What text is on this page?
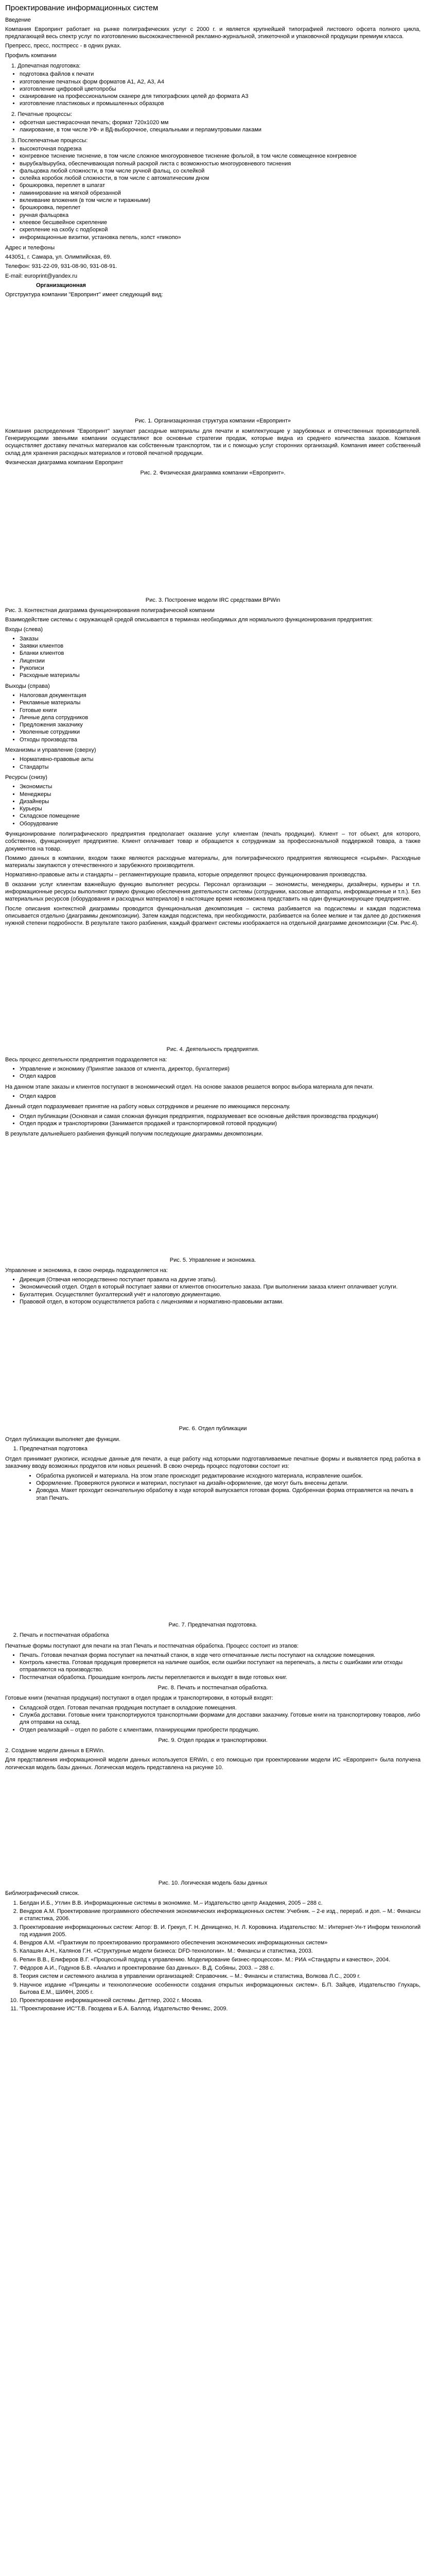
Проектирование информационных систем

Введение

Компания Европринт работает на рынке полиграфических услуг с 2000 г. и является крупнейшей типографией листового офсета полного цикла, предлагающей весь спектр услуг по изготовлению высококачественной рекламно-журнальной, этикеточной и упаковочной продукции премиум класса.

Препресс, пресс, постпресс - в одних руках.

Профиль компании

1. Допечатная подготовка:
• подготовка файлов к печати
• изготовление печатных форм форматов А1, А2, А3, А4
• изготовление цифровой цветопробы
• сканирование на профессиональном сканере для типографских целей до формата А3
• изготовление пластиковых и промышленных образцов
2. Печатные процессы:
• офсетная шестикрасочная печать; формат 720x1020 мм
• лакирование, в том числе УФ- и ВД-выборочное, специальными и перламутровыми лаками
3. Послепечатные процессы:
• высокоточная подрезка
• конгревное тиснение тиснение, в том числе сложное многоуровневое тиснение фольгой, в том числе совмещенное конгревное
• вырубка/вырубка, обеспечивающая полный раскрой листа с возможностью многоуровневого тиснения
• фальцовка любой сложности, в том числе ручной фальц, со склейкой
• склейка коробок любой сложности, в том числе с автоматическим дном
• брошюровка, переплет в шпагат
• ламинирование на мягкой обрезанной
• вклеивание вложения (в том числе и тиражными)
• брошюровка, переплет
• ручная фальцовка
• клеевое бесшвейное скрепление
• скрепление на скобу с подборкой
• информационные визитки, установка петель, холст «пикопо»

Адрес и телефоны

443051, г. Самара, ул. Олимпийская, 69.

Телефон: 931-22-09, 931-08-90, 931-08-91.

E-mail: europrint@yandex.ru

Организационная

Оргструктура компании "Европринт" имеет следующий вид:

Рис. 1. Организационная структура компании «Европринт»

Компания распределения "Европринт" закупает расходные материалы для печати и комплектующие у зарубежных и отечественных производителей. Генерирующими звеньями компании осуществляют все основные стратегии продаж, которые видна из среднего количества заказов. Компания осуществляет доставку печатных материалов как собственным транспортом, так и с помощью услуг сторонних организаций. Компания имеет собственный склад для хранения расходных материалов и готовой печатной продукции.

Физическая диаграмма компании Европринт

Рис. 2. Физическая диаграмма компании «Европринт».

Рис. 3. Построение модели IRC средствами BPWin

Рис. 3. Контекстная диаграмма функционирования полиграфической компании

Взаимодействие системы с окружающей средой описывается в терминах необходимых для нормального функционирования предприятия:

Входы (слева)

• Заказы
• Заявки клиентов
• Бланки клиентов
• Лицензии
• Рукописи
• Расходные материалы

Выходы (справа)

• Налоговая документация
• Рекламные материалы
• Готовые книги
• Личные дела сотрудников
• Предложения заказчику
• Уволенные сотрудники
• Отходы производства

Механизмы и управление (сверху)

• Нормативно-правовые акты
• Стандарты

Ресурсы (снизу)

• Экономисты
• Менеджеры
• Дизайнеры
• Курьеры
• Складское помещение
• Оборудование

Функционирование полиграфического предприятия предполагает оказание услуг клиентам (печать продукции). Клиент – тот объект, для которого, собственно, функционирует предприятие. Клиент оплачивает товар и обращается к сотрудникам за профессиональной поддержкой товара, а также документов на товар.

Помимо данных в компании, входом также являются расходные материалы, для полиграфического предприятия являющиеся «сырьём». Расходные материалы закупаются у отечественного и зарубежного производителя.

Нормативно-правовые акты и стандарты – регламентирующие правила, которые определяют процесс функционирования производства.

В оказании услуг клиентам важнейшую функцию выполняет ресурсы. Персонал организации – экономисты, менеджеры, дизайнеры, курьеры и т.п. информационные ресурсы выполняют прямую функцию обеспечения деятельности системы (сотрудники, кассовые аппараты, информационные и т.п.). Без материальных ресурсов (оборудования и расходных материалов) в настоящее время невозможна представить на один функционирующее предприятие.

После описания контекстной диаграммы проводится функциональная декомпозиция – система разбивается на подсистемы и каждая подсистема описывается отдельно (диаграммы декомпозиции). Затем каждая подсистема, при необходимости, разбивается на более мелкие и так далее до достижения нужной степени подробности. В результате такого разбиения, каждый фрагмент системы изображается на отдельной диаграмме декомпозиции (См. Рис.4).

Рис. 4. Деятельность предприятия.

Весь процесс деятельности предприятия подразделяется на:

• Управление и экономику (Принятие заказов от клиента, директор, бухгалтерия)
• Отдел кадров

На данном этапе заказы и клиентов поступают в экономический отдел. На основе заказов решается вопрос выбора материала для печати.

• Отдел кадров

Данный отдел подразумевает принятие на работу новых сотрудников и решение по имеющимся персоналу.

• Отдел публикации (Основная и самая сложная функция предприятия, подразумевает все основные действия производства продукции)
• Отдел продаж и транспортировки (Занимается продажей и транспортировкой готовой продукции)

В результате дальнейшего разбиения функций получим последующие диаграммы декомпозиции.

Рис. 5. Управление и экономика.

Управление и экономика, в свою очередь подразделяется на:

• Дирекция (Отвечая непосредственно поступает правила на другие этапы).
• Экономический отдел. Отдел в который поступает заявки от клиентов относительно заказа. При выполнении заказа клиент оплачивает услуги.
• Бухгалтерия. Осуществляет бухгалтерский учёт и налоговую документацию.
• Правовой отдел, в котором осуществляется работа с лицензиями и нормативно-правовыми актами.

Рис. 6. Отдел публикации

Отдел публикации выполняет две функции.

1. Предпечатная подготовка

Отдел принимает рукописи, исходные данные для печати, а еще работу над которыми подготавливаемые печатные формы и выявляется пред работка в заказчику вводу возможных продуктов или новых решений. В свою очередь процесс подготовки состоит из:

• Обработка рукописей и материала. На этом этапе происходит редактирование исходного материала, исправление ошибок.
• Оформление. Проверяются рукописи и материал, поступают на дизайн-оформление, где могут быть внесены детали.
• Доводка. Макет проходит окончательную обработку в ходе которой выпускается готовая форма. Одобренная форма отправляется на печать в этап Печать.

Рис. 7. Предпечатная подготовка.

2. Печать и постпечатная обработка

Печатные формы поступают для печати на этап Печать и постпечатная обработка. Процесс состоит из этапов:

• Печать. Готовая печатная форма поступает на печатный станок, в ходе чего отпечатанные листы поступают на складские помещения.
• Контроль качества. Готовая продукция проверяется на наличие ошибок, если ошибки поступают на перепечать, а листы с ошибками или отходы отправляются на производство.
• Постпечатная обработка. Прошедшие контроль листы переплетаются и выходят в виде готовых книг.

Рис. 8. Печать и постпечатная обработка.

Готовые книги (печатная продукция) поступают в отдел продаж и транспортировки, в который входят:

• Складской отдел. Готовая печатная продукция поступает в складские помещения.
• Служба доставки. Готовые книги транспортируются транспортными формами для доставки заказчику. Готовые книги на транспортировку товаров, либо для отправки на склад.
• Отдел реализаций – отдел по работе с клиентами, планирующими приобрести продукцию.

Рис. 9. Отдел продаж и транспортировки.

2. Создание модели данных в ERWin.

Для представления информационной модели данных используется ERWin, с его помощью при проектировании модели ИС «Европринт» была получена логическая модель базы данных. Логическая модель представлена на рисунке 10.

Рис. 10. Логическая модель базы данных

Библиографический список.

1. Белдан И.Б., Утлин В.В. Информационные системы в экономике. М.– Издательство центр Академия, 2005 – 288 с.
2. Вендров А.М. Проектирование программного обеспечения экономических информационных систем: Учебник. – 2-е изд., перераб. и доп. – М.: Финансы и статистика, 2006.
3. Проектирование информационных систем: Автор: В. И. Грекул, Г. Н. Денищенко, Н. Л. Коровкина. Издательство: М.: Интернет-Ун-т Информ технологий год издания 2005.
4. Вендров А.М. «Практикум по проектированию программного обеспечения экономических информационных систем»
5. Калашян А.Н., Калянов Г.Н. «Структурные модели бизнеса: DFD-технологии». М.: Финансы и статистика, 2003.
6. Репин В.В., Елиферов В.Г. «Процессный подход к управлению. Моделирование бизнес-процессов». М.: РИА «Стандарты и качество», 2004.
7. Фёдоров А.И., Годунов Б.В. «Анализ и проектирование баз данных». В.Д. Собяны, 2003. – 288 с.
8. Теория систем и системного анализа в управлении организацией: Справочник. – М.: Финансы и статистика, Волкова Л.С., 2009 г.
9. Научное издание «Принципы и технологические особенности создания открытых информационных систем». Б.П. Зайцев, Издательство Глухарь, Бытова Е.М., ШИФН, 2005 г.
10. Проектирование информационной системы. Деттлер, 2002 г. Москва.
11. "Проектирование ИС"Т.В. Гвоздева и Б.А. Баллод. Издательство Феникс, 2009.
